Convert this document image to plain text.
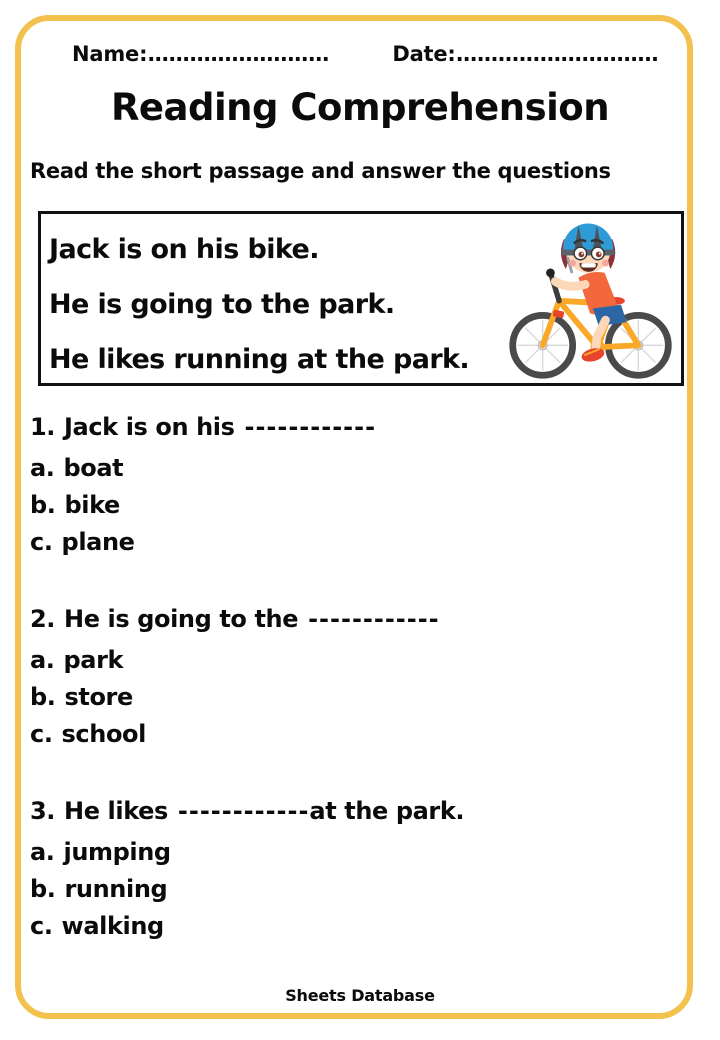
Name:..........................	Date:.............................
Reading Comprehension
Read the short passage and answer the questions
Jack is on his bike.
He is going to the park.
He likes running at the park.
1. Jack is on his ------------
a. boat
b. bike
c. plane
2. He is going to the ------------
a. park
b. store
c. school
3. He likes ------------at the park.
a. jumping
b. running
c. walking
Sheets Database
